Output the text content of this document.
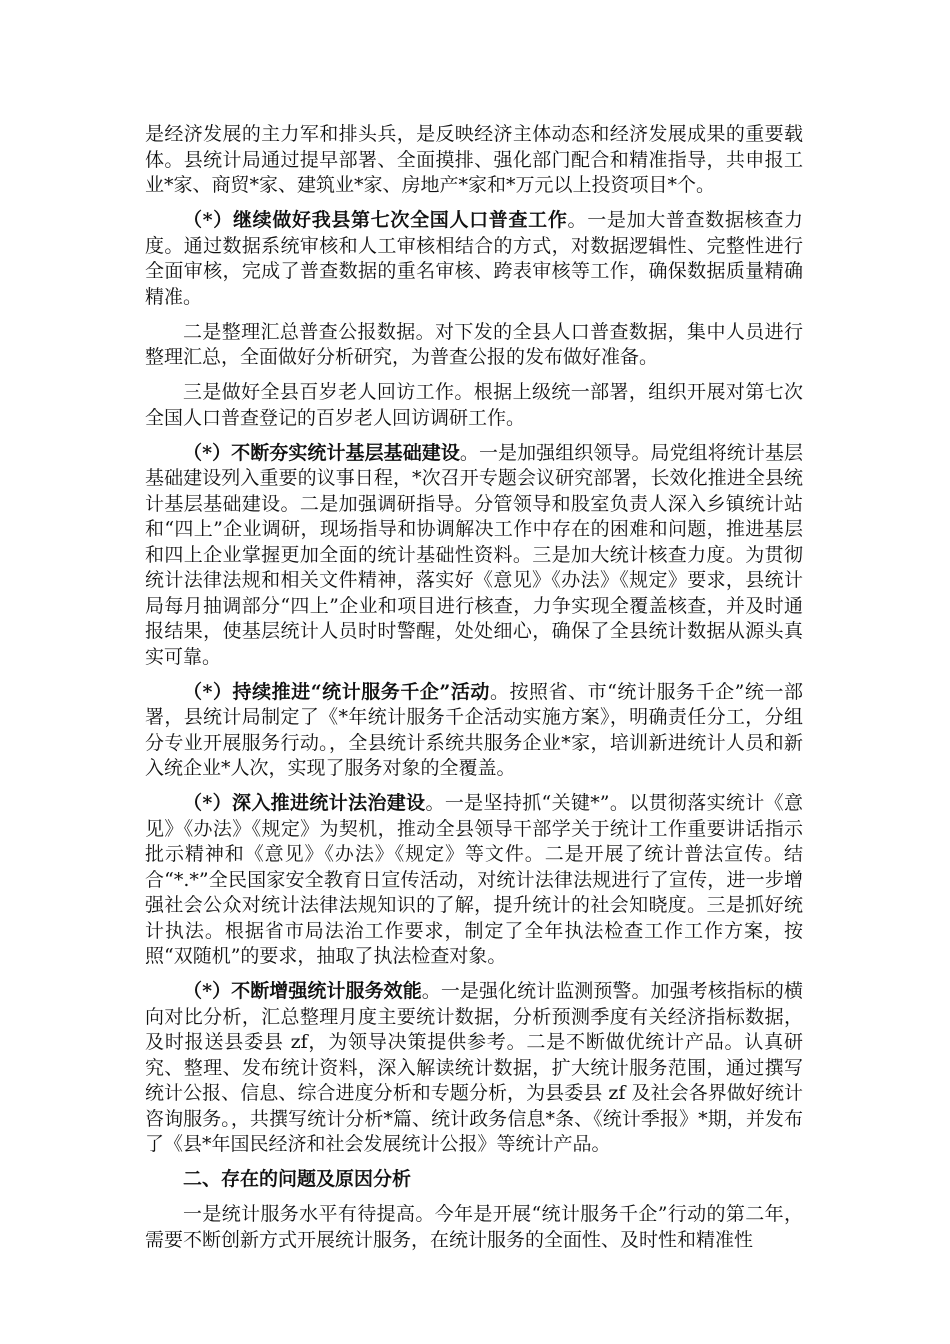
是经济发展的主力军和排头兵，是反映经济主体动态和经济发展成果的重要载体。县统计局通过提早部署、全面摸排、强化部门配合和精准指导，共申报工业*家、商贸*家、建筑业*家、房地产*家和*万元以上投资项目*个。

（*）继续做好我县第七次全国人口普查工作。一是加大普查数据核查力度。通过数据系统审核和人工审核相结合的方式，对数据逻辑性、完整性进行全面审核，完成了普查数据的重名审核、跨表审核等工作，确保数据质量精确精准。

二是整理汇总普查公报数据。对下发的全县人口普查数据，集中人员进行整理汇总，全面做好分析研究，为普查公报的发布做好准备。

三是做好全县百岁老人回访工作。根据上级统一部署，组织开展对第七次全国人口普查登记的百岁老人回访调研工作。

（*）不断夯实统计基层基础建设。一是加强组织领导。局党组将统计基层基础建设列入重要的议事日程，*次召开专题会议研究部署，长效化推进全县统计基层基础建设。二是加强调研指导。分管领导和股室负责人深入乡镇统计站和“四上”企业调研，现场指导和协调解决工作中存在的困难和问题，推进基层和四上企业掌握更加全面的统计基础性资料。三是加大统计核查力度。为贯彻统计法律法规和相关文件精神，落实好《意见》《办法》《规定》要求，县统计局每月抽调部分“四上”企业和项目进行核查，力争实现全覆盖核查，并及时通报结果，使基层统计人员时时警醒，处处细心，确保了全县统计数据从源头真实可靠。

（*）持续推进“统计服务千企”活动。按照省、市“统计服务千企”统一部署，县统计局制定了《*年统计服务千企活动实施方案》，明确责任分工，分组分专业开展服务行动。，全县统计系统共服务企业*家，培训新进统计人员和新入统企业*人次，实现了服务对象的全覆盖。

（*）深入推进统计法治建设。一是坚持抓“关键*”。以贯彻落实统计《意见》《办法》《规定》为契机，推动全县领导干部学关于统计工作重要讲话指示批示精神和《意见》《办法》《规定》等文件。二是开展了统计普法宣传。结合“*.*”全民国家安全教育日宣传活动，对统计法律法规进行了宣传，进一步增强社会公众对统计法律法规知识的了解，提升统计的社会知晓度。三是抓好统计执法。根据省市局法治工作要求，制定了全年执法检查工作工作方案，按照“双随机”的要求，抽取了执法检查对象。

（*）不断增强统计服务效能。一是强化统计监测预警。加强考核指标的横向对比分析，汇总整理月度主要统计数据，分析预测季度有关经济指标数据，及时报送县委县 zf，为领导决策提供参考。二是不断做优统计产品。认真研究、整理、发布统计资料，深入解读统计数据，扩大统计服务范围，通过撰写统计公报、信息、综合进度分析和专题分析，为县委县 zf 及社会各界做好统计咨询服务。，共撰写统计分析*篇、统计政务信息*条、《统计季报》*期，并发布了《县*年国民经济和社会发展统计公报》等统计产品。

二、存在的问题及原因分析

一是统计服务水平有待提高。今年是开展“统计服务千企”行动的第二年，需要不断创新方式开展统计服务，在统计服务的全面性、及时性和精准性
